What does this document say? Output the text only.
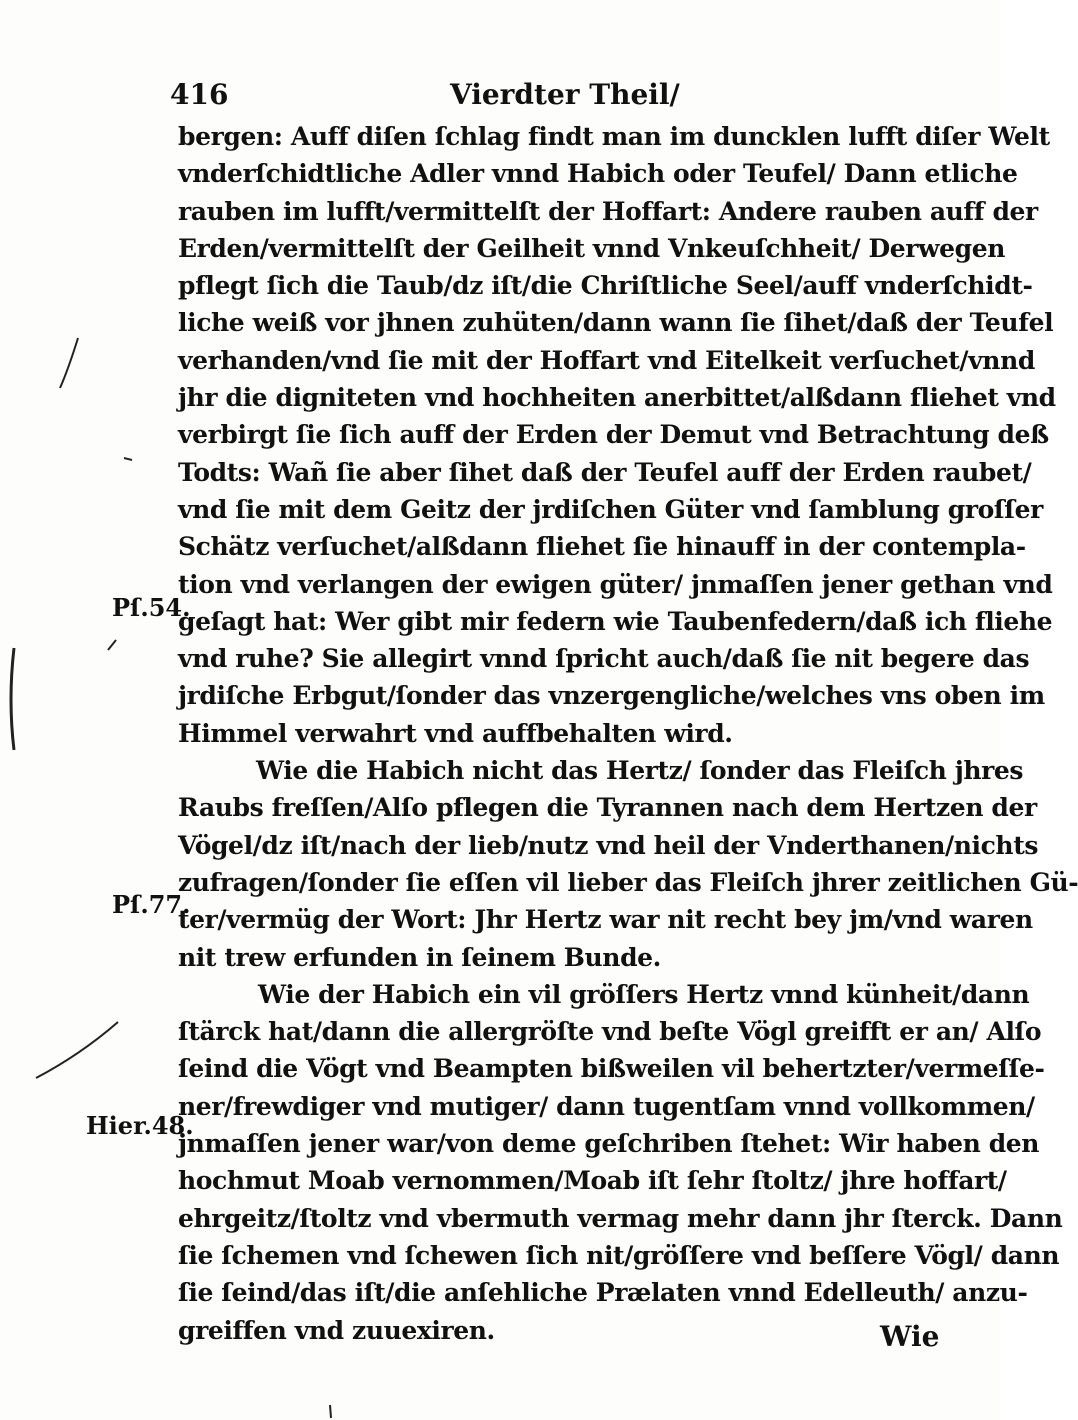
416	Vierdter Theil/
bergen: Auff diſen ſchlag findt man im duncklen lufft diſer Welt
vnderſchidtliche Adler vnnd Habich oder Teufel/ Dann etliche
rauben im lufft/vermittelſt der Hoffart: Andere rauben auff der
Erden/vermittelſt der Geilheit vnnd Vnkeuſchheit/ Derwegen
pflegt ſich die Taub/dz iſt/die Chriſtliche Seel/auff vnderſchidt-
liche weiß vor jhnen zuhüten/dann wann ſie ſihet/daß der Teufel
verhanden/vnd ſie mit der Hoffart vnd Eitelkeit verſuchet/vnnd
jhr die digniteten vnd hochheiten anerbittet/alßdann fliehet vnd
verbirgt ſie ſich auff der Erden der Demut vnd Betrachtung deß
Todts: Wañ ſie aber ſihet daß der Teufel auff der Erden raubet/
vnd ſie mit dem Geitz der jrdiſchen Güter vnd ſamblung groſſer
Schätz verſuchet/alßdann fliehet ſie hinauff in der contempla-
tion vnd verlangen der ewigen güter/ jnmaſſen jener gethan vnd
geſagt hat: Wer gibt mir federn wie Taubenfedern/daß ich fliehe
vnd ruhe? Sie allegirt vnnd ſpricht auch/daß ſie nit begere das
jrdiſche Erbgut/ſonder das vnzergengliche/welches vns oben im
Himmel verwahrt vnd auffbehalten wird.
Wie die Habich nicht das Hertz/ ſonder das Fleiſch jhres
Raubs freſſen/Alſo pflegen die Tyrannen nach dem Hertzen der
Vögel/dz iſt/nach der lieb/nutz vnd heil der Vnderthanen/nichts
zufragen/ſonder ſie eſſen vil lieber das Fleiſch jhrer zeitlichen Gü-
ter/vermüg der Wort: Jhr Hertz war nit recht bey jm/vnd waren
nit trew erfunden in ſeinem Bunde.
Wie der Habich ein vil gröſſers Hertz vnnd künheit/dann
ſtärck hat/dann die allergröſte vnd beſte Vögl greifft er an/ Alſo
ſeind die Vögt vnd Beampten bißweilen vil behertzter/vermeſſe-
ner/frewdiger vnd mutiger/ dann tugentſam vnnd vollkommen/
jnmaſſen jener war/von deme geſchriben ſtehet: Wir haben den
hochmut Moab vernommen/Moab iſt ſehr ſtoltz/ jhre hoffart/
ehrgeitz/ſtoltz vnd vbermuth vermag mehr dann jhr ſterck. Dann
ſie ſchemen vnd ſchewen ſich nit/gröſſere vnd beſſere Vögl/ dann
ſie ſeind/das iſt/die anſehliche Prælaten vnnd Edelleuth/ anzu-
greiffen vnd zuuexiren.
Pſ.54.
Pſ.77.
Hier.48.
Wie
